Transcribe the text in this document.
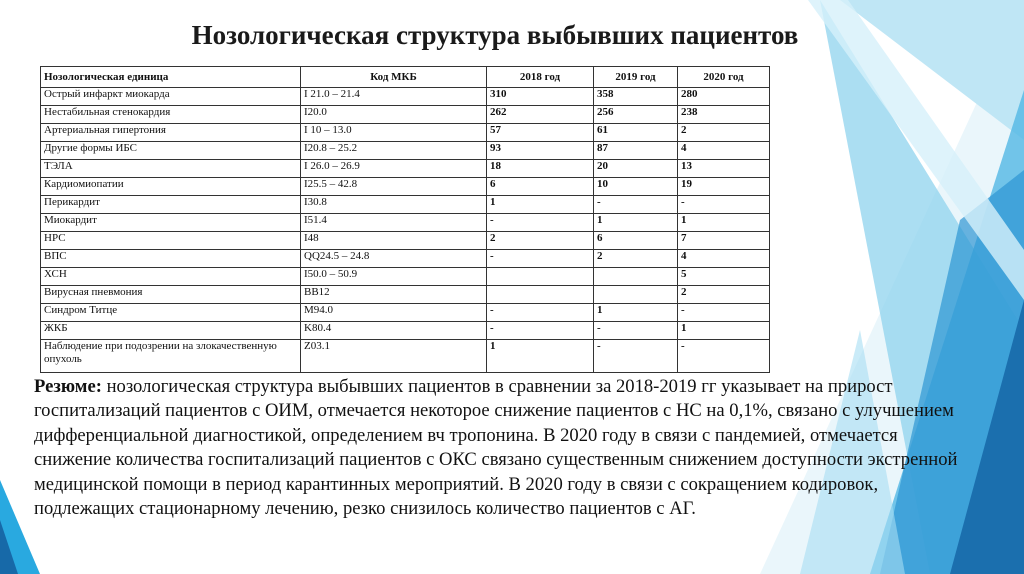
Нозологическая структура выбывших пациентов
Нозологическая единица	Код МКБ	2018 год	2019 год	2020 год
Острый инфаркт миокарда	I 21.0 – 21.4	310	358	280
Нестабильная стенокардия	I20.0	262	256	238
Артериальная гипертония	I 10 – 13.0	57	61	2
Другие формы ИБС	I20.8 – 25.2	93	87	4
ТЭЛА	I 26.0 – 26.9	18	20	13
Кардиомиопатии	I25.5 – 42.8	6	10	19
Перикардит	I30.8	1	-	-
Миокардит	I51.4	-	1	1
НРС	I48	2	6	7
ВПС	QQ24.5 – 24.8	-	2	4
ХСН	I50.0 – 50.9			5
Вирусная пневмония	BB12			2
Синдром Титце	M94.0	-	1	-
ЖКБ	K80.4	-	-	1
Наблюдение при подозрении на злокачественную опухоль	Z03.1	1	-	-
Резюме: нозологическая структура выбывших пациентов в сравнении за 2018-2019 гг указывает на прирост госпитализаций пациентов с ОИМ, отмечается некоторое снижение пациентов с НС на 0,1%, связано с улучшением дифференциальной диагностикой, определением вч тропонина. В 2020 году в связи с пандемией, отмечается снижение количества госпитализаций пациентов с ОКС связано существенным снижением доступности экстренной медицинской помощи в период карантинных мероприятий. В 2020 году в связи с сокращением кодировок, подлежащих стационарному лечению, резко снизилось количество пациентов с АГ.
